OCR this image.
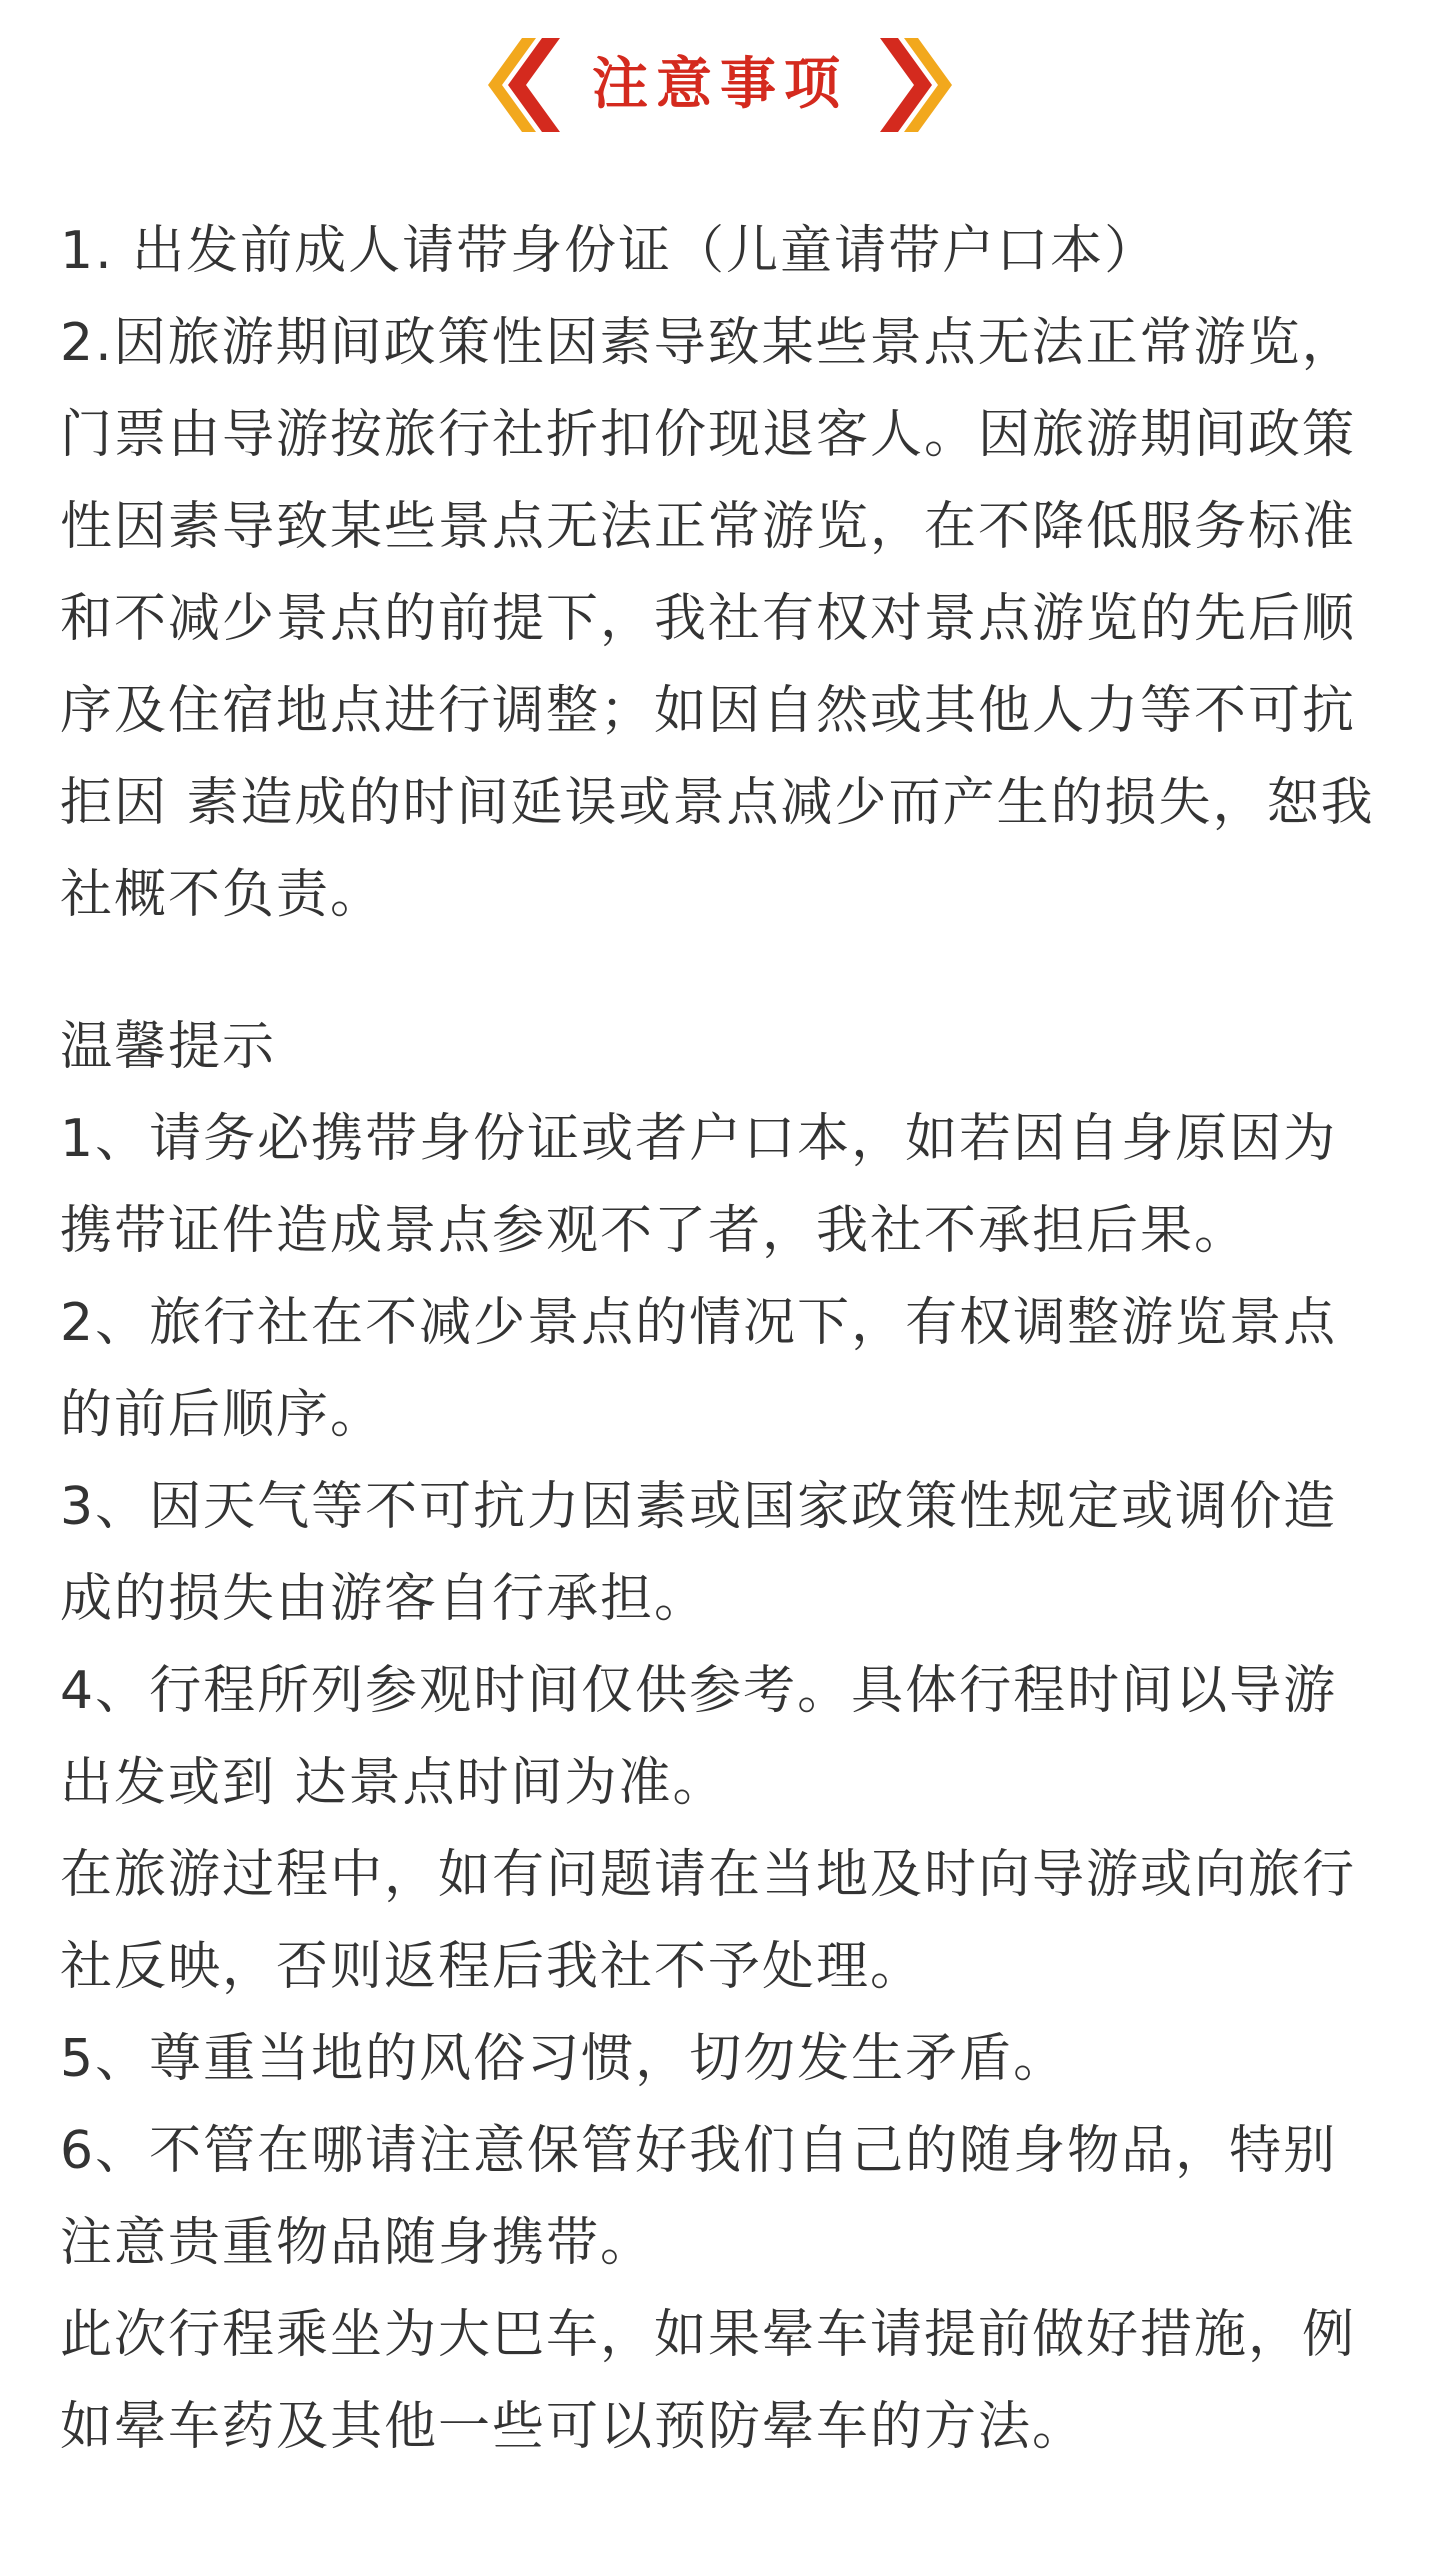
注意事项

1. 出发前成人请带身份证（儿童请带户口本）

2.因旅游期间政策性因素导致某些景点无法正常游览，门票由导游按旅行社折扣价现退客人。因旅游期间政策性因素导致某些景点无法正常游览，在不降低服务标准和不减少景点的前提下，我社有权对景点游览的先后顺序及住宿地点进行调整；如因自然或其他人力等不可抗拒因 素造成的时间延误或景点减少而产生的损失，恕我社概不负责。

温馨提示

1、请务必携带身份证或者户口本，如若因自身原因为携带证件造成景点参观不了者，我社不承担后果。

2、旅行社在不减少景点的情况下，有权调整游览景点的前后顺序。

3、因天气等不可抗力因素或国家政策性规定或调价造成的损失由游客自行承担。

4、行程所列参观时间仅供参考。具体行程时间以导游出发或到 达景点时间为准。

在旅游过程中，如有问题请在当地及时向导游或向旅行社反映，否则返程后我社不予处理。

5、尊重当地的风俗习惯，切勿发生矛盾。

6、不管在哪请注意保管好我们自己的随身物品，特别注意贵重物品随身携带。

此次行程乘坐为大巴车，如果晕车请提前做好措施，例如晕车药及其他一些可以预防晕车的方法。
